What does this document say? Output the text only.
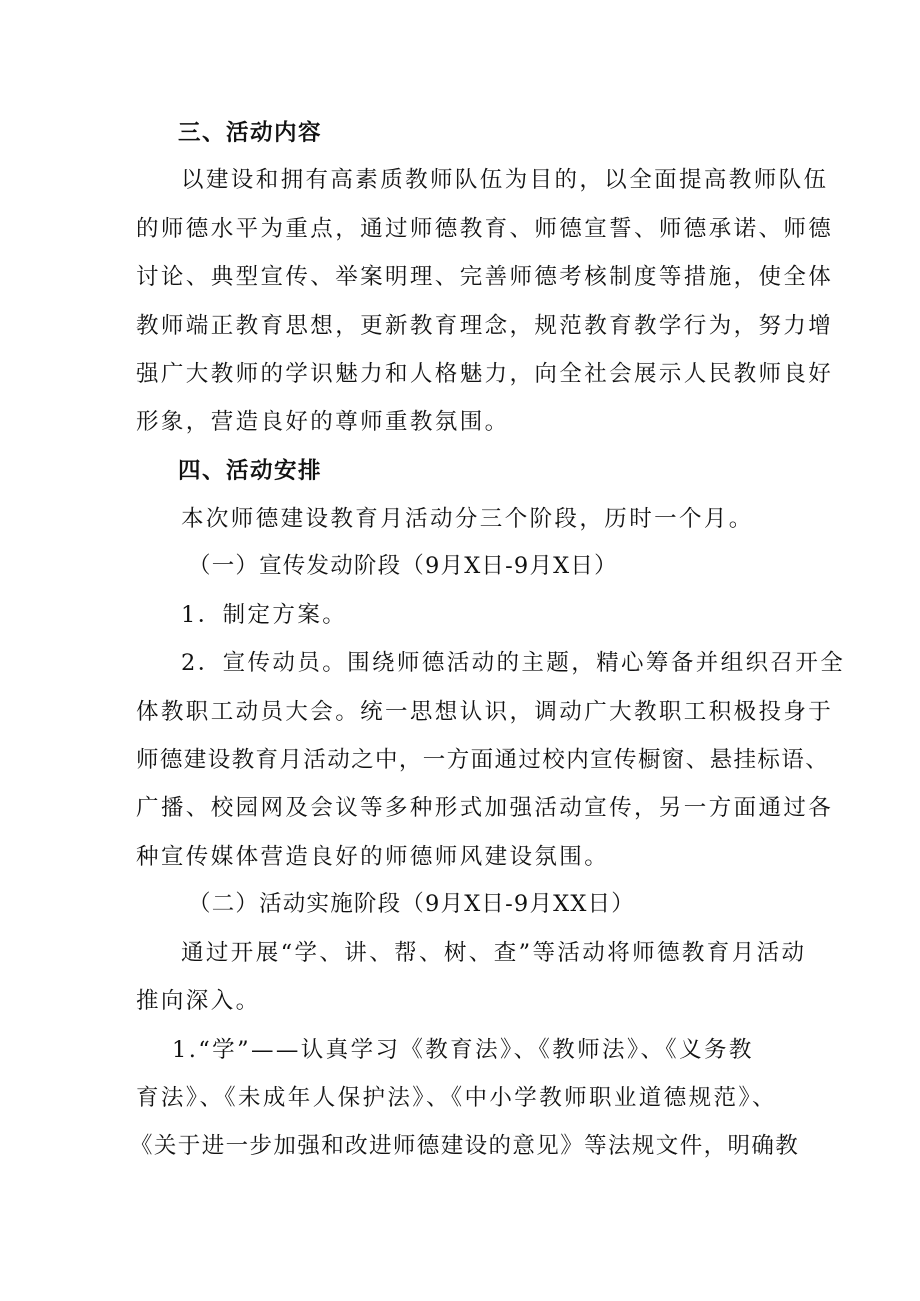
三、活动内容
以建设和拥有高素质教师队伍为目的，以全面提高教师队伍
的师德水平为重点，通过师德教育、师德宣誓、师德承诺、师德
讨论、典型宣传、举案明理、完善师德考核制度等措施，使全体
教师端正教育思想，更新教育理念，规范教育教学行为，努力增
强广大教师的学识魅力和人格魅力，向全社会展示人民教师良好
形象，营造良好的尊师重教氛围。
四、活动安排
本次师德建设教育月活动分三个阶段，历时一个月。
（一）宣传发动阶段（9月X日-9月X日）
1．制定方案。
2．宣传动员。围绕师德活动的主题，精心筹备并组织召开全
体教职工动员大会。统一思想认识，调动广大教职工积极投身于
师德建设教育月活动之中，一方面通过校内宣传橱窗、悬挂标语、
广播、校园网及会议等多种形式加强活动宣传，另一方面通过各
种宣传媒体营造良好的师德师风建设氛围。
（二）活动实施阶段（9月X日-9月XX日）
通过开展“学、讲、帮、树、查”等活动将师德教育月活动
推向深入。
1.“学”——认真学习《教育法》、《教师法》、《义务教
育法》、《未成年人保护法》、《中小学教师职业道德规范》、
《关于进一步加强和改进师德建设的意见》等法规文件，明确教
